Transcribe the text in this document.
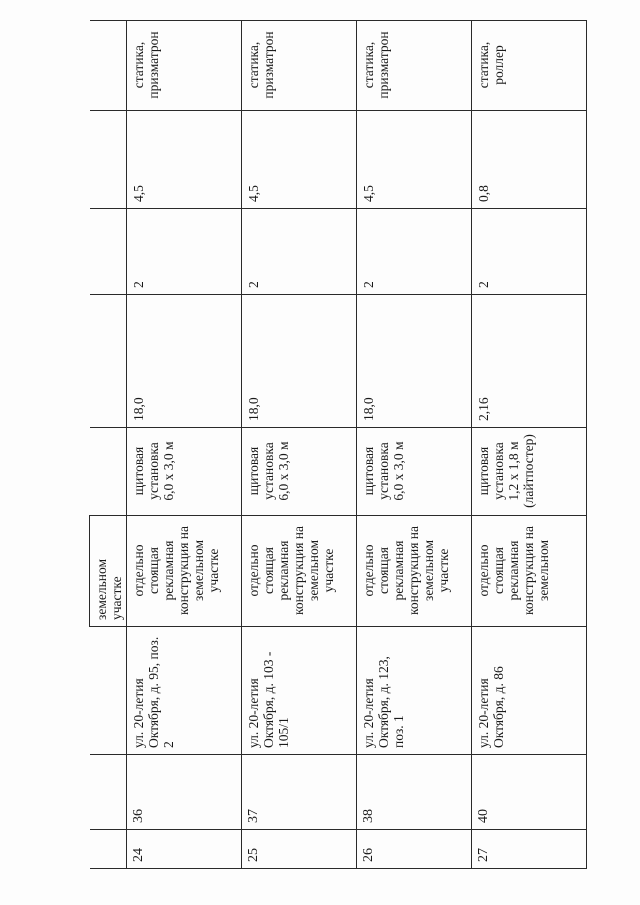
			земельном участке					
24	36	ул. 20-летия Октября, д. 95, поз. 2	отдельно стоящая рекламная конструкция на земельном участке	щитовая установка 6,0 х 3,0 м	18,0	2	4,5	статика, призматрон
25	37	ул. 20-летия Октября, д. 103 - 105/1	отдельно стоящая рекламная конструкция на земельном участке	щитовая установка 6,0 х 3,0 м	18,0	2	4,5	статика, призматрон
26	38	ул. 20-летия Октября, д. 123, поз. 1	отдельно стоящая рекламная конструкция на земельном участке	щитовая установка 6,0 х 3,0 м	18,0	2	4,5	статика, призматрон
27	40	ул. 20-летия Октября, д. 86	отдельно стоящая рекламная конструкция на земельном	щитовая установка 1,2 х 1,8 м (лайтпостер)	2,16	2	0,8	статика, роллер
